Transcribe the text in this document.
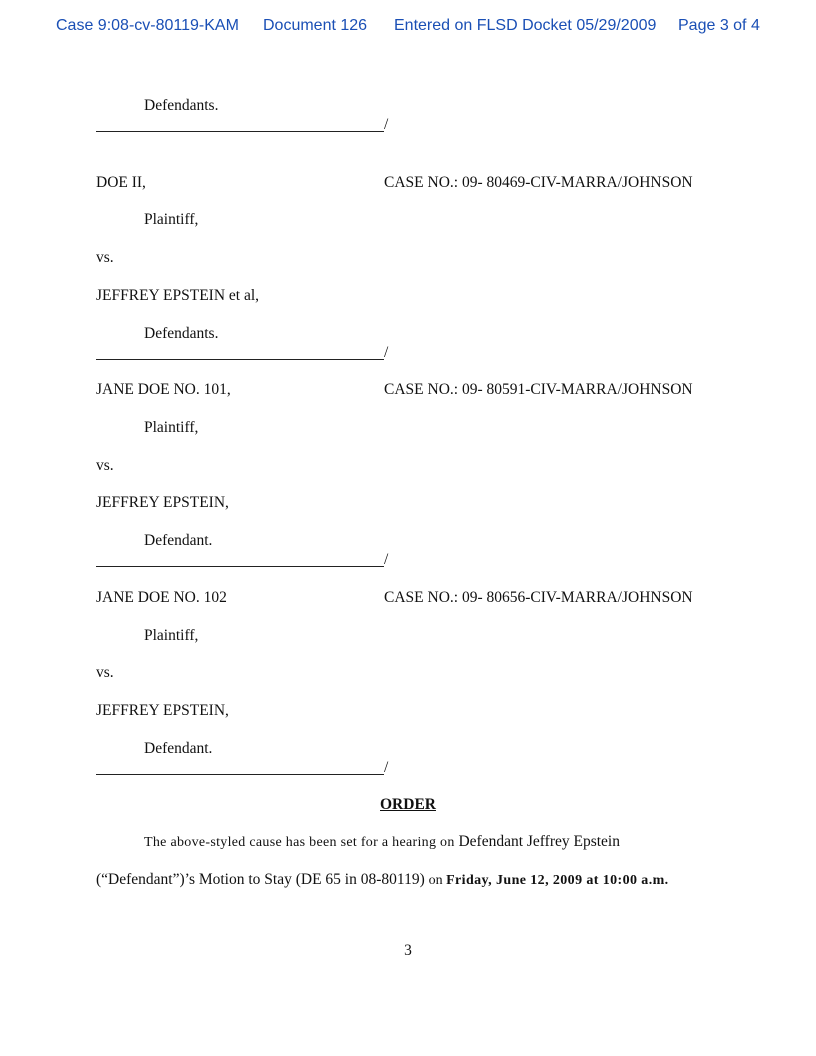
Case 9:08-cv-80119-KAM Document 126 Entered on FLSD Docket 05/29/2009 Page 3 of 4
Defendants.
/
DOE II,	CASE NO.: 09- 80469-CIV-MARRA/JOHNSON
Plaintiff,
vs.
JEFFREY EPSTEIN et al,
Defendants.
/
JANE DOE NO. 101,	CASE NO.: 09- 80591-CIV-MARRA/JOHNSON
Plaintiff,
vs.
JEFFREY EPSTEIN,
Defendant.
/
JANE DOE NO. 102	CASE NO.: 09- 80656-CIV-MARRA/JOHNSON
Plaintiff,
vs.
JEFFREY EPSTEIN,
Defendant.
/
ORDER
The above-styled cause has been set for a hearing on Defendant Jeffrey Epstein
(“Defendant”)’s Motion to Stay (DE 65 in 08-80119) on Friday, June 12, 2009 at 10:00 a.m.
3
